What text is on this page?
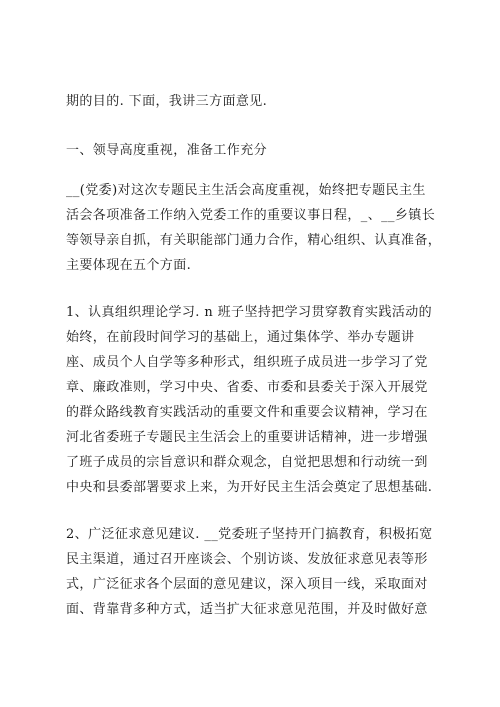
期的目的. 下面，我讲三方面意见.
一、领导高度重视，准备工作充分
__(党委)对这次专题民主生活会高度重视，始终把专题民主生
活会各项准备工作纳入党委工作的重要议事日程，_、__乡镇长
等领导亲自抓，有关职能部门通力合作，精心组织、认真准备，
主要体现在五个方面.
1、认真组织理论学习. n 班子坚持把学习贯穿教育实践活动的
始终，在前段时间学习的基础上，通过集体学、举办专题讲
座、成员个人自学等多种形式，组织班子成员进一步学习了党
章、廉政准则，学习中央、省委、市委和县委关于深入开展党
的群众路线教育实践活动的重要文件和重要会议精神，学习在
河北省委班子专题民主生活会上的重要讲话精神，进一步增强
了班子成员的宗旨意识和群众观念，自觉把思想和行动统一到
中央和县委部署要求上来，为开好民主生活会奠定了思想基础.
2、广泛征求意见建议. __党委班子坚持开门搞教育，积极拓宽
民主渠道，通过召开座谈会、个别访谈、发放征求意见表等形
式，广泛征求各个层面的意见建议，深入项目一线，采取面对
面、背靠背多种方式，适当扩大征求意见范围，并及时做好意
